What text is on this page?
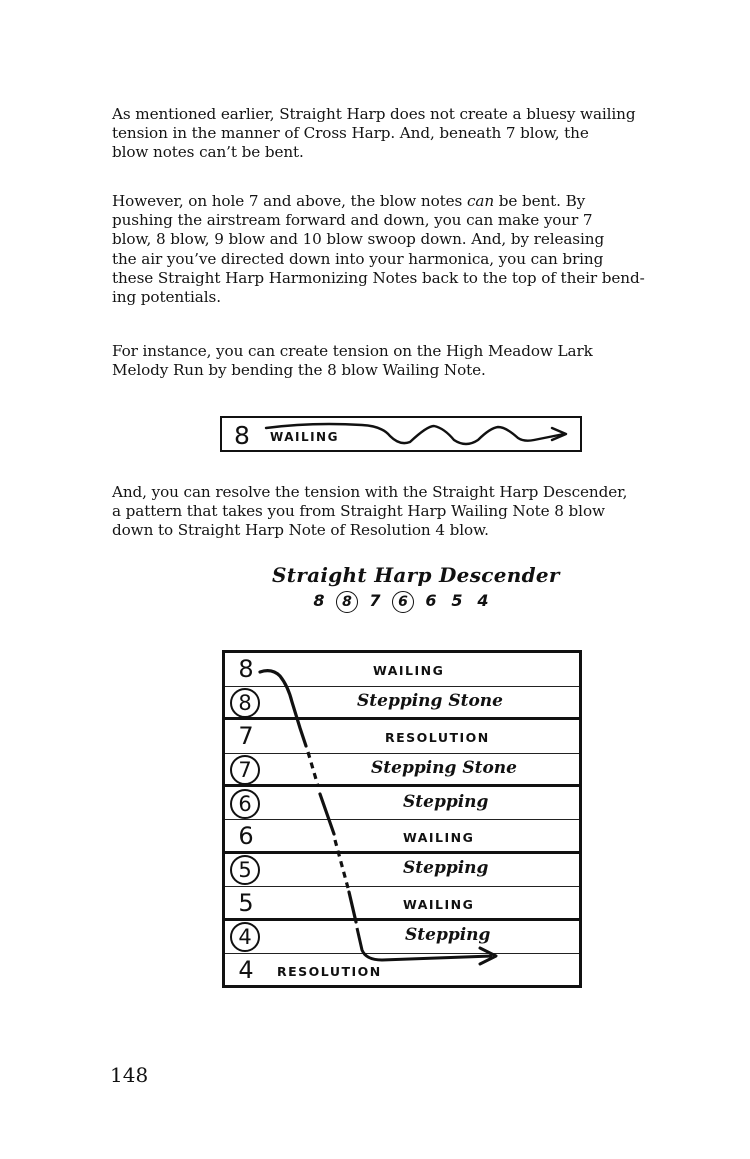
As mentioned earlier, Straight Harp does not create a bluesy wailing
tension in the manner of Cross Harp. And, beneath 7 blow, the
blow notes can’t be bent.
However, on hole 7 and above, the blow notes can be bent. By
pushing the airstream forward and down, you can make your 7
blow, 8 blow, 9 blow and 10 blow swoop down. And, by releasing
the air you’ve directed down into your harmonica, you can bring
these Straight Harp Harmonizing Notes back to the top of their bend-
ing potentials.
For instance, you can create tension on the High Meadow Lark
Melody Run by bending the 8 blow Wailing Note.
8 WAILING
And, you can resolve the tension with the Straight Harp Descender,
a pattern that takes you from Straight Harp Wailing Note 8 blow
down to Straight Harp Note of Resolution 4 blow.
Straight Harp Descender
8 8 7 6 6 5 4
8	WAILING
8	Stepping Stone
7	RESOLUTION
7	Stepping Stone
6	Stepping
6	WAILING
5	Stepping
5	WAILING
4	Stepping
4	RESOLUTION
148
